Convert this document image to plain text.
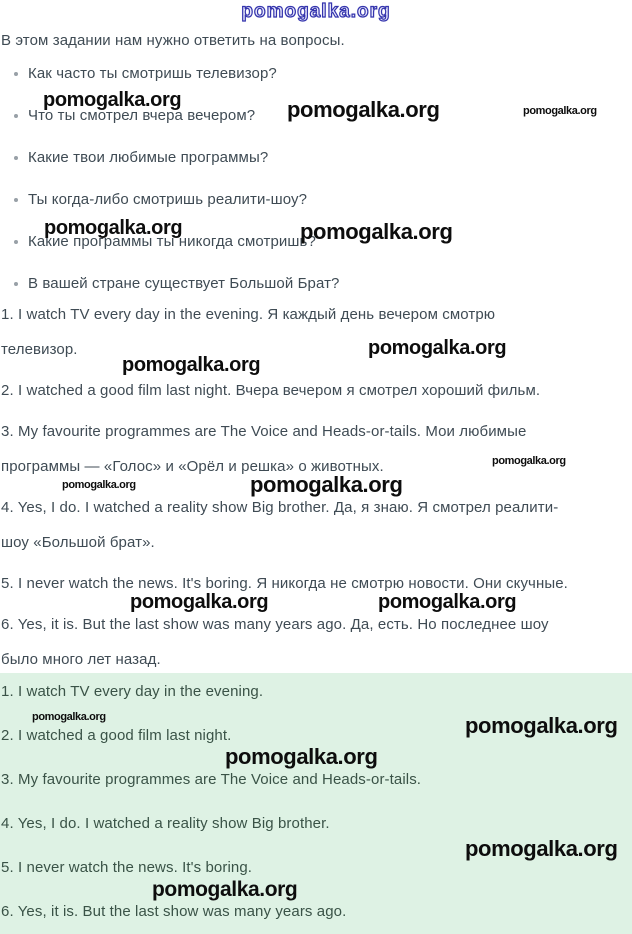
pomogalka.org
В этом задании нам нужно ответить на вопросы.
Как часто ты смотришь телевизор?
Что ты смотрел вчера вечером?
Какие твои любимые программы?
Ты когда-либо смотришь реалити-шоу?
Какие программы ты никогда смотришь?
В вашей стране существует Большой Брат?

1. I watch TV every day in the evening. Я каждый день вечером смотрю
телевизор.

2. I watched a good film last night. Вчера вечером я смотрел хороший фильм.

3. My favourite programmes are The Voice and Heads-or-tails. Мои любимые
программы — «Голос» и «Орёл и решка» о животных.

4. Yes, I do. I watched a reality show Big brother. Да, я знаю. Я смотрел реалити-
шоу «Большой брат».

5. I never watch the news. It's boring. Я никогда не смотрю новости. Они скучные.

6. Yes, it is. But the last show was many years ago. Да, есть. Но последнее шоу
было много лет назад.

1. I watch TV every day in the evening.
2. I watched a good film last night.
3. My favourite programmes are The Voice and Heads-or-tails.
4. Yes, I do. I watched a reality show Big brother.
5. I never watch the news. It's boring.
6. Yes, it is. But the last show was many years ago.
pomogalka.org	pomogalka.org	pomogalka.org
pomogalka.org	pomogalka.org
pomogalka.org
pomogalka.org
pomogalka.org
pomogalka.org	pomogalka.org
pomogalka.org	pomogalka.org
pomogalka.org	pomogalka.org
pomogalka.org
pomogalka.org
pomogalka.org
